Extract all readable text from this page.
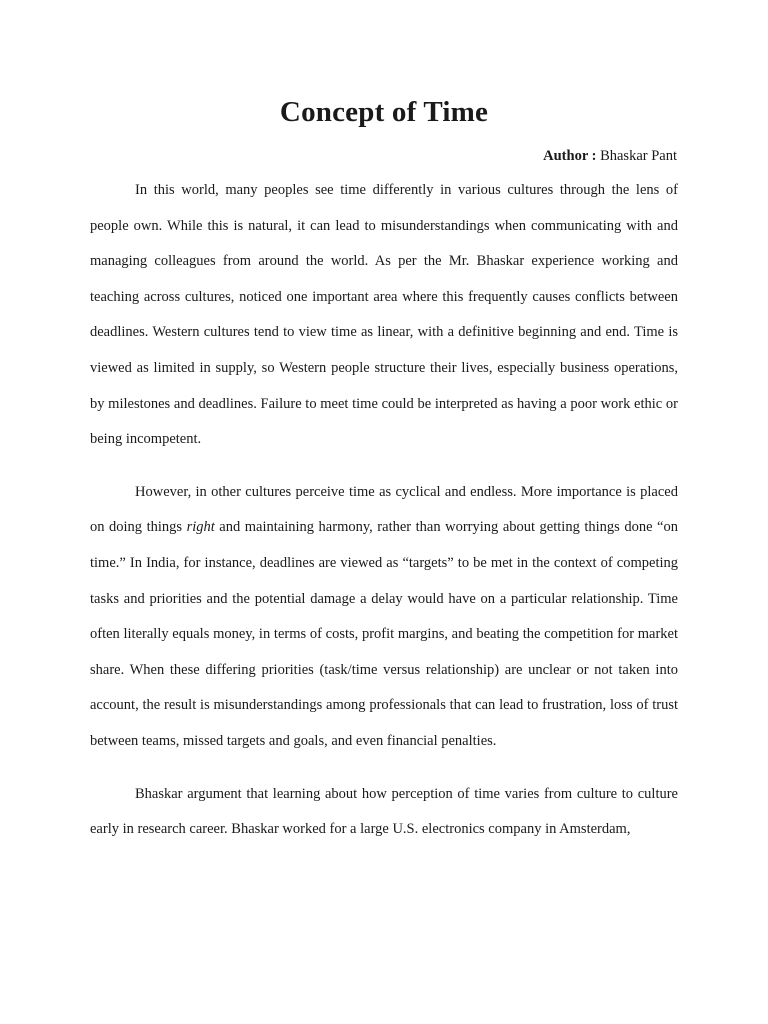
Concept of Time

Author : Bhaskar Pant

In this world, many peoples see time differently in various cultures through the lens of people own. While this is natural, it can lead to misunderstandings when communicating with and managing colleagues from around the world. As per the Mr. Bhaskar experience working and teaching across cultures, noticed one important area where this frequently causes conflicts between deadlines. Western cultures tend to view time as linear, with a definitive beginning and end. Time is viewed as limited in supply, so Western people structure their lives, especially business operations, by milestones and deadlines. Failure to meet time could be interpreted as having a poor work ethic or being incompetent.

However, in other cultures perceive time as cyclical and endless. More importance is placed on doing things right and maintaining harmony, rather than worrying about getting things done “on time.” In India, for instance, deadlines are viewed as “targets” to be met in the context of competing tasks and priorities and the potential damage a delay would have on a particular relationship. Time often literally equals money, in terms of costs, profit margins, and beating the competition for market share. When these differing priorities (task/time versus relationship) are unclear or not taken into account, the result is misunderstandings among professionals that can lead to frustration, loss of trust between teams, missed targets and goals, and even financial penalties.

Bhaskar argument that learning about how perception of time varies from culture to culture early in research career. Bhaskar worked for a large U.S. electronics company in Amsterdam,
